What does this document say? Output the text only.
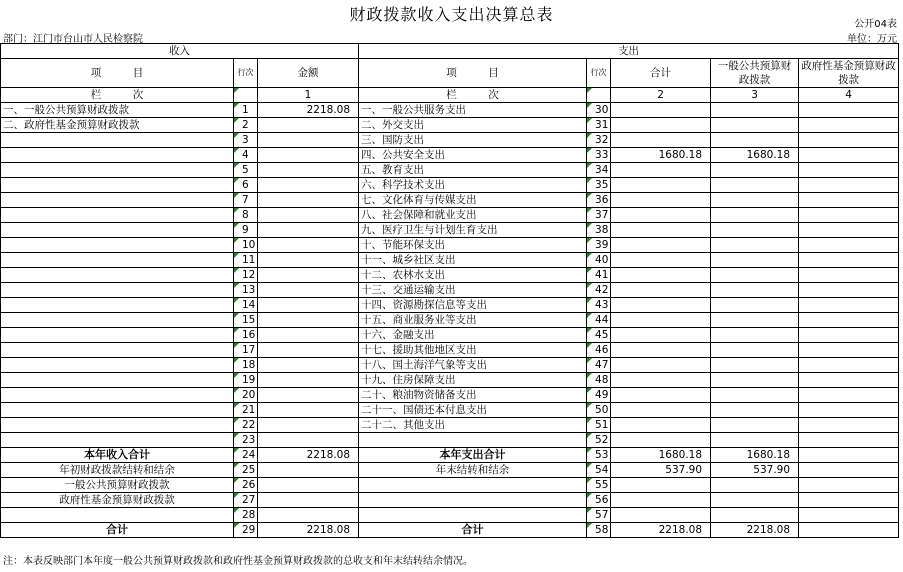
财政拨款收入支出决算总表
公开04表
部门：江门市台山市人民检察院	单位：万元
收入			支出				
项　　　目	行次	金额	项　　　目	行次	合计	一般公共预算财政拨款	政府性基金预算财政拨款
栏　　　次		1	栏　　　次		2	3	4
一、一般公共预算财政拨款	1	2218.08	一、一般公共服务支出	30			
二、政府性基金预算财政拨款	2		二、外交支出	31			
	3		三、国防支出	32			
	4		四、公共安全支出	33	1680.18	1680.18	
	5		五、教育支出	34			
	6		六、科学技术支出	35			
	7		七、文化体育与传媒支出	36			
	8		八、社会保障和就业支出	37			
	9		九、医疗卫生与计划生育支出	38			
	10		十、节能环保支出	39			
	11		十一、城乡社区支出	40			
	12		十二、农林水支出	41			
	13		十三、交通运输支出	42			
	14		十四、资源勘探信息等支出	43			
	15		十五、商业服务业等支出	44			
	16		十六、金融支出	45			
	17		十七、援助其他地区支出	46			
	18		十八、国土海洋气象等支出	47			
	19		十九、住房保障支出	48			
	20		二十、粮油物资储备支出	49			
	21		二十一、国债还本付息支出	50			
	22		二十二、其他支出	51			
	23			52			
本年收入合计	24	2218.08	本年支出合计	53	1680.18	1680.18	
年初财政拨款结转和结余	25		年末结转和结余	54	537.90	537.90	
一般公共预算财政拨款	26			55			
政府性基金预算财政拨款	27			56			
	28			57			
合计	29	2218.08	合计	58	2218.08	2218.08	
注：本表反映部门本年度一般公共预算财政拨款和政府性基金预算财政拨款的总收支和年末结转结余情况。
